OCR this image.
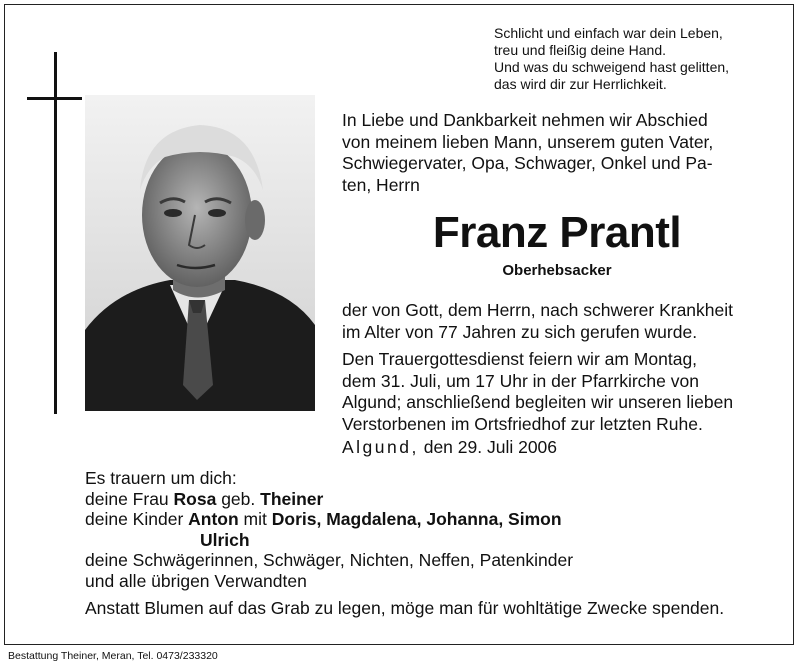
Schlicht und einfach war dein Leben,
treu und fleißig deine Hand.
Und was du schweigend hast gelitten,
das wird dir zur Herrlichkeit.
In Liebe und Dankbarkeit nehmen wir Abschied
von meinem lieben Mann, unserem guten Vater,
Schwiegervater, Opa, Schwager, Onkel und Pa-
ten, Herrn
Franz Prantl
Oberhebsacker
der von Gott, dem Herrn, nach schwerer Krankheit
im Alter von 77 Jahren zu sich gerufen wurde.
Den Trauergottesdienst feiern wir am Montag,
dem 31. Juli, um 17 Uhr in der Pfarrkirche von
Algund; anschließend begleiten wir unseren lieben
Verstorbenen im Ortsfriedhof zur letzten Ruhe.
Algund, den 29. Juli 2006
Es trauern um dich:
deine Frau Rosa geb. Theiner
deine Kinder Anton mit Doris, Magdalena, Johanna, Simon
Ulrich
deine Schwägerinnen, Schwäger, Nichten, Neffen, Patenkinder
und alle übrigen Verwandten
Anstatt Blumen auf das Grab zu legen, möge man für wohltätige Zwecke spenden.
Bestattung Theiner, Meran, Tel. 0473/233320
